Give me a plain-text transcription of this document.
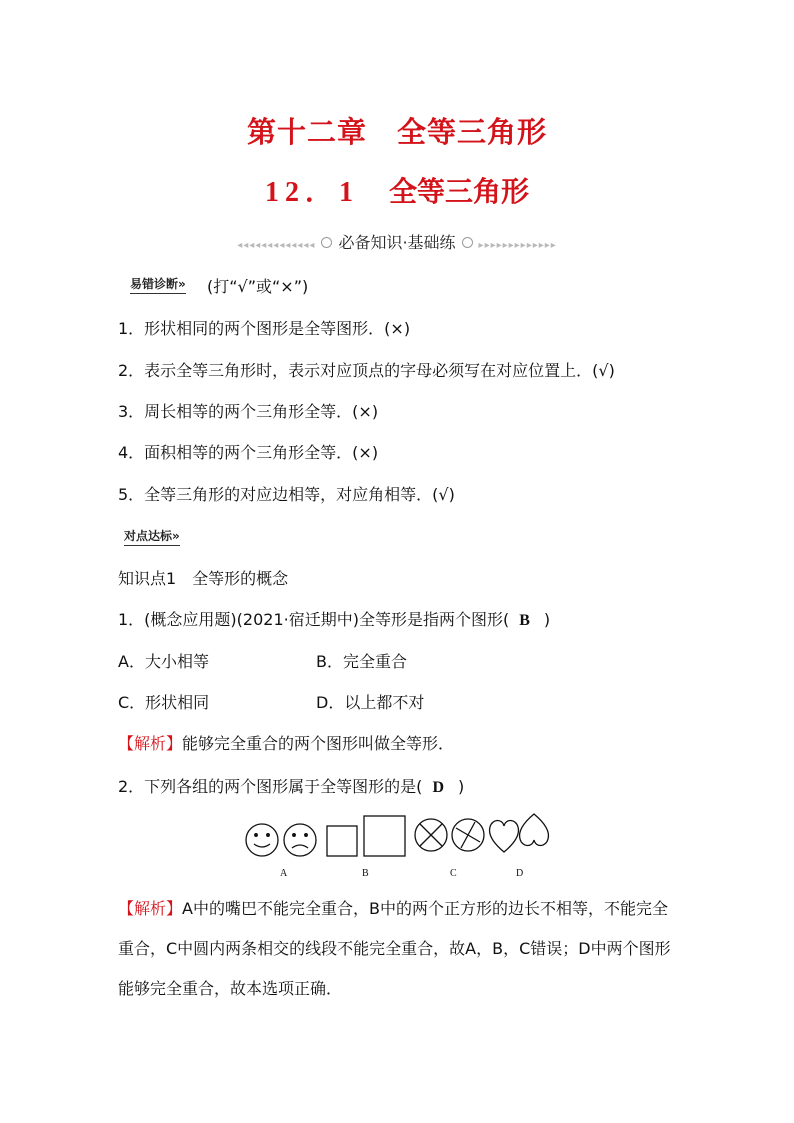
第十二章　全等三角形
12．1 全等三角形
◂◂◂◂◂◂◂◂◂◂◂◂◂ 必备知识·基础练 ▸▸▸▸▸▸▸▸▸▸▸▸▸
易错诊断» (打“√”或“×”)
1．形状相同的两个图形是全等图形．(×)
2．表示全等三角形时，表示对应顶点的字母必须写在对应位置上．(√)
3．周长相等的两个三角形全等．(×)
4．面积相等的两个三角形全等．(×)
5．全等三角形的对应边相等，对应角相等．(√)
对点达标»
知识点1　全等形的概念
1．(概念应用题)(2021·宿迁期中)全等形是指两个图形( B )
A．大小相等	B．完全重合
C．形状相同	D．以上都不对
【解析】能够完全重合的两个图形叫做全等形．
2．下列各组的两个图形属于全等图形的是( D )
A	B	C	D
【解析】A中的嘴巴不能完全重合，B中的两个正方形的边长不相等，不能完全重合，C中圆内两条相交的线段不能完全重合，故A，B，C错误；D中两个图形能够完全重合，故本选项正确．
